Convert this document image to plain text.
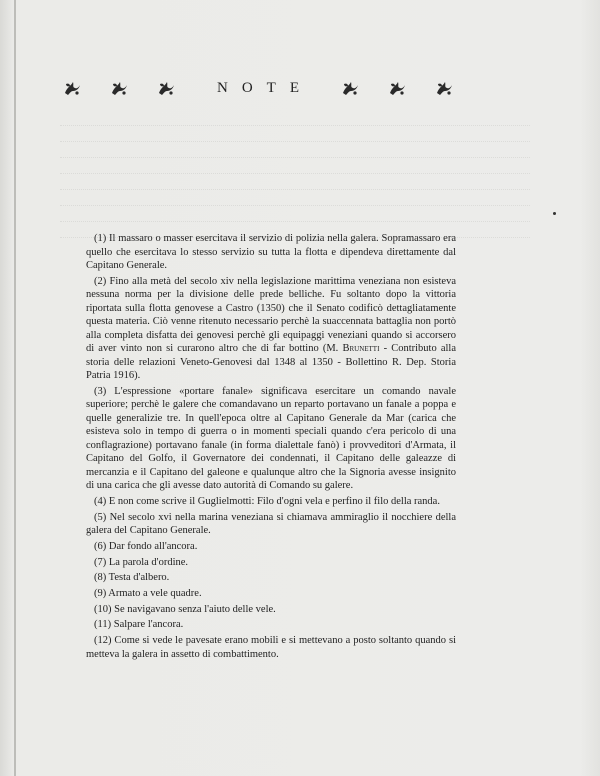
NOTE

(1) Il massaro o masser esercitava il servizio di polizia nella galera. Sopramassaro era quello che esercitava lo stesso servizio su tutta la flotta e dipendeva direttamente dal Capitano Generale.

(2) Fino alla metà del secolo xiv nella legislazione marittima veneziana non esisteva nessuna norma per la divisione delle prede belliche. Fu soltanto dopo la vittoria riportata sulla flotta genovese a Castro (1350) che il Senato codificò dettagliatamente questa materia. Ciò venne ritenuto necessario perchè la suaccennata battaglia non portò alla completa disfatta dei genovesi perchè gli equipaggi veneziani quando si accorsero di aver vinto non si curarono altro che di far bottino (M. Brunetti - Contributo alla storia delle relazioni Veneto-Genovesi dal 1348 al 1350 - Bollettino R. Dep. Storia Patria 1916).

(3) L'espressione «portare fanale» significava esercitare un comando navale superiore; perchè le galere che comandavano un reparto portavano un fanale a poppa e quelle generalizie tre. In quell'epoca oltre al Capitano Generale da Mar (carica che esisteva solo in tempo di guerra o in momenti speciali quando c'era pericolo di una conflagrazione) portavano fanale (in forma dialettale fanò) i provveditori d'Armata, il Capitano del Golfo, il Governatore dei condennati, il Capitano delle galeazze di mercanzia e il Capitano del galeone e qualunque altro che la Signoria avesse insignito di una carica che gli avesse dato autorità di Comando su galere.

(4) E non come scrive il Guglielmotti: Filo d'ogni vela e perfino il filo della randa.

(5) Nel secolo xvi nella marina veneziana si chiamava ammiraglio il nocchiere della galera del Capitano Generale.

(6) Dar fondo all'ancora.

(7) La parola d'ordine.

(8) Testa d'albero.

(9) Armato a vele quadre.

(10) Se navigavano senza l'aiuto delle vele.

(11) Salpare l'ancora.

(12) Come si vede le pavesate erano mobili e si mettevano a posto soltanto quando si metteva la galera in assetto di combattimento.
